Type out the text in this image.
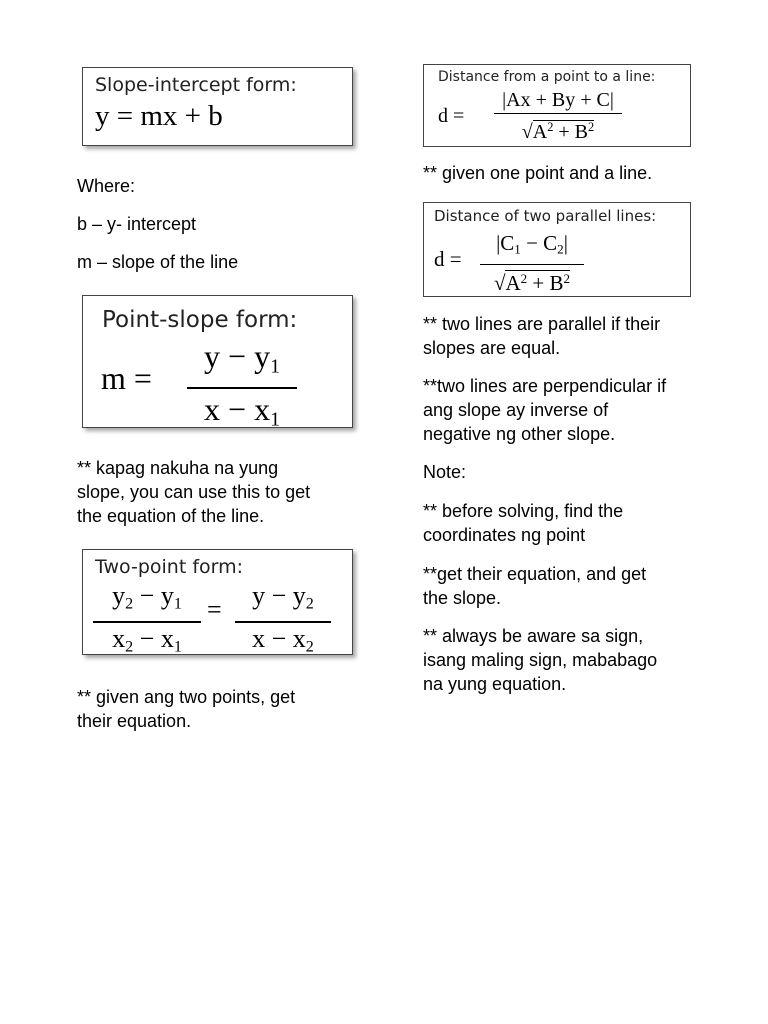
Slope-intercept form:
y = mx + b
Where:
b – y- intercept
m – slope of the line
Point-slope form:
m =
$y - y_1$
$x - x_1$
** kapag nakuha na yung
slope, you can use this to get
the equation of the line.
Two-point form:
$y_2 - y_1$
$x_2 - x_1$
=	$y - y_2$
$x - x_2$
** given ang two points, get
their equation.
Distance from a point to a line:
d =
|Ax + By + C|
$√A^2 + B^2$
** given one point and a line.
Distance of two parallel lines:
d =
$|C_1 - C_2|$
$√A^2 + B^2$
** two lines are parallel if their
slopes are equal.
**two lines are perpendicular if
ang slope ay inverse of
negative ng other slope.
Note:
** before solving, find the
coordinates ng point
**get their equation, and get
the slope.
** always be aware sa sign,
isang maling sign, mababago
na yung equation.
